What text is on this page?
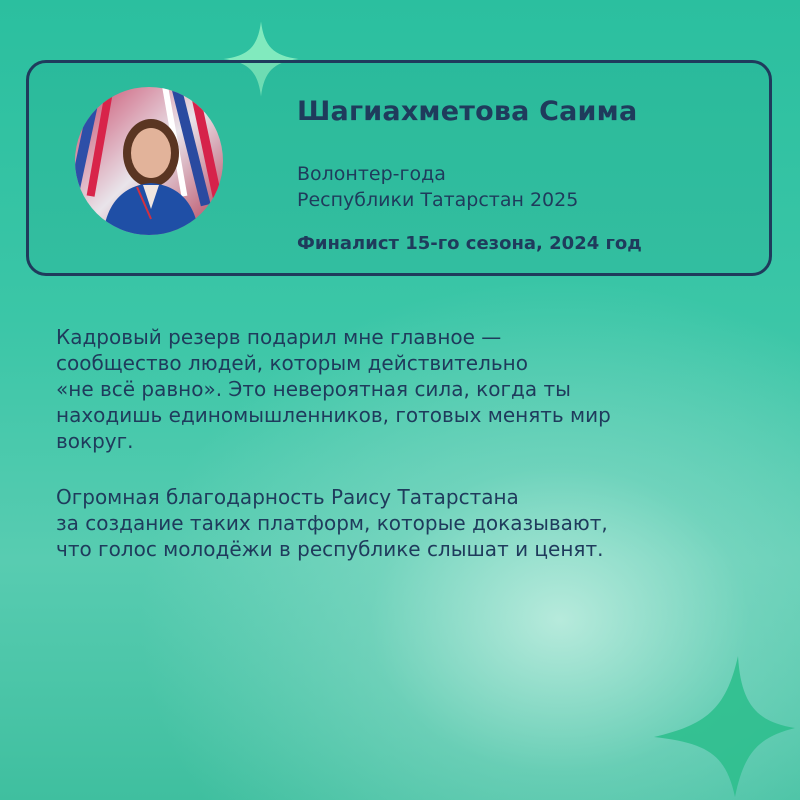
Шагиахметова Саима
Волонтер-года
Республики Татарстан 2025
Финалист 15-го сезона, 2024 год

Кадровый резерв подарил мне главное —

сообщество людей, которым действительно

«не всё равно». Это невероятная сила, когда ты

находишь единомышленников, готовых менять мир

вокруг.

Огромная благодарность Раису Татарстана

за создание таких платформ, которые доказывают,

что голос молодёжи в республике слышат и ценят.
